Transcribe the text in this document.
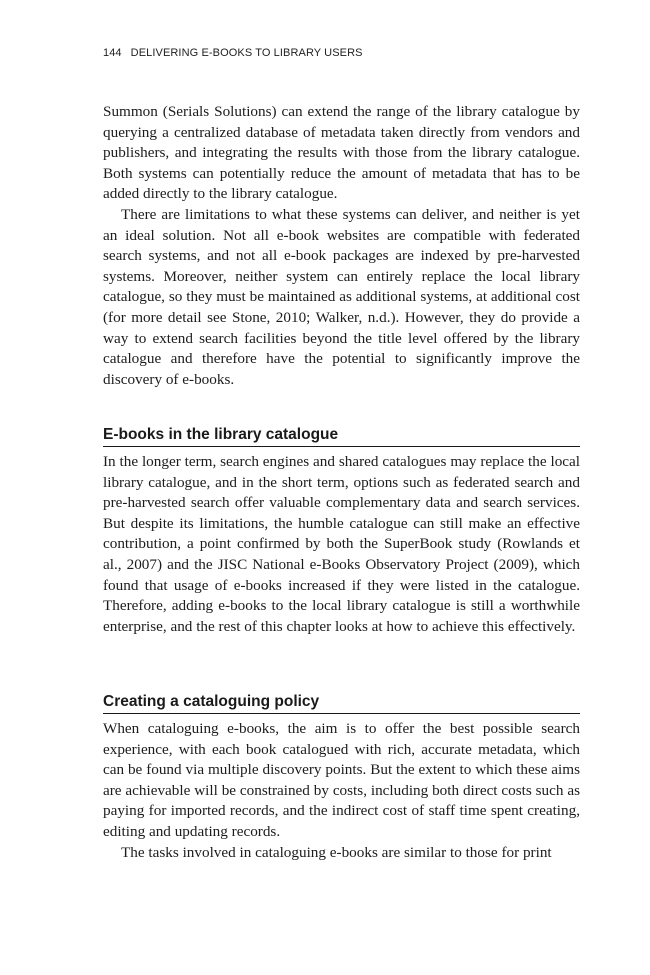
144 DELIVERING E-BOOKS TO LIBRARY USERS

Summon (Serials Solutions) can extend the range of the library catalogue by querying a centralized database of metadata taken directly from vendors and publishers, and integrating the results with those from the library catalogue. Both systems can potentially reduce the amount of metadata that has to be added directly to the library catalogue.

There are limitations to what these systems can deliver, and neither is yet an ideal solution. Not all e-book websites are compatible with federated search systems, and not all e-book packages are indexed by pre-harvested systems. Moreover, neither system can entirely replace the local library catalogue, so they must be maintained as additional systems, at additional cost (for more detail see Stone, 2010; Walker, n.d.). However, they do provide a way to extend search facilities beyond the title level offered by the library catalogue and therefore have the potential to significantly improve the discovery of e-books.

E-books in the library catalogue

In the longer term, search engines and shared catalogues may replace the local library catalogue, and in the short term, options such as federated search and pre-harvested search offer valuable complementary data and search services. But despite its limitations, the humble catalogue can still make an effective contribution, a point confirmed by both the SuperBook study (Rowlands et al., 2007) and the JISC National e-Books Observatory Project (2009), which found that usage of e-books increased if they were listed in the catalogue. Therefore, adding e-books to the local library catalogue is still a worthwhile enterprise, and the rest of this chapter looks at how to achieve this effectively.

Creating a cataloguing policy

When cataloguing e-books, the aim is to offer the best possible search experience, with each book catalogued with rich, accurate metadata, which can be found via multiple discovery points. But the extent to which these aims are achievable will be constrained by costs, including both direct costs such as paying for imported records, and the indirect cost of staff time spent creating, editing and updating records.

The tasks involved in cataloguing e-books are similar to those for print
